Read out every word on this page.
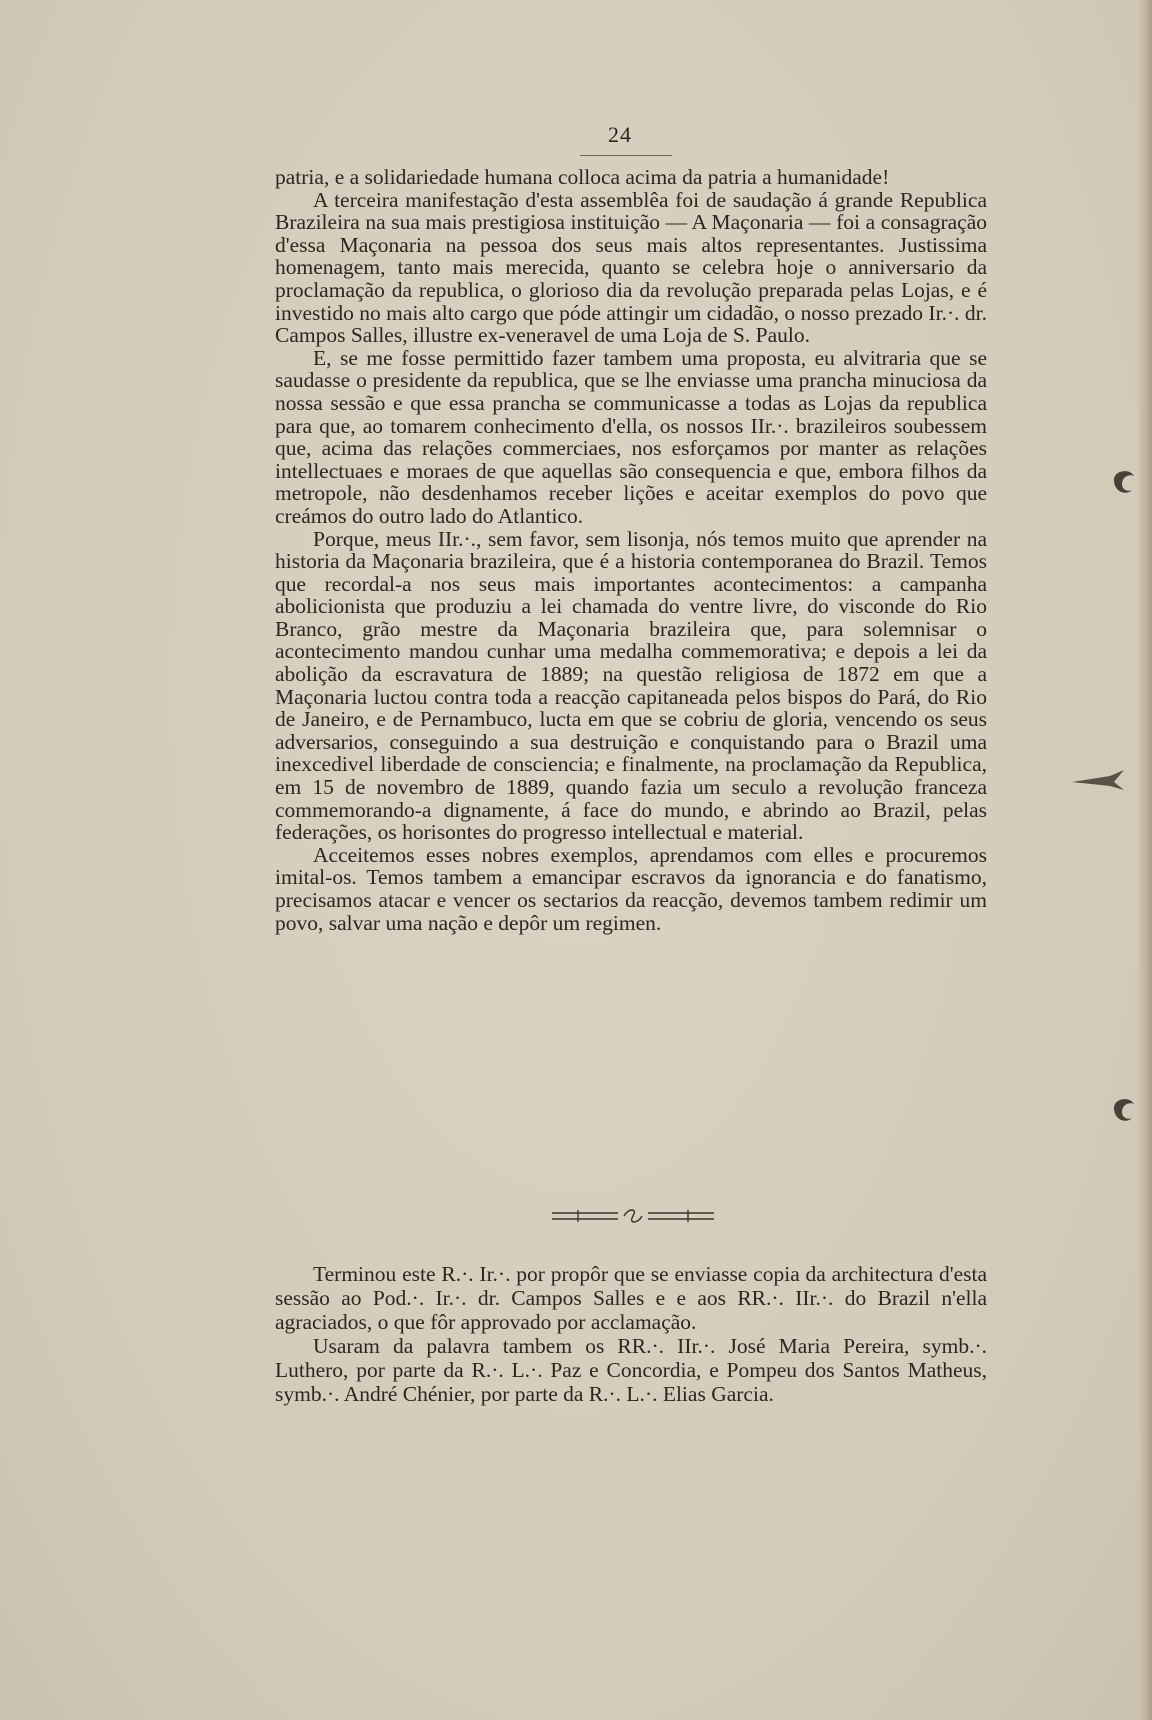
24

patria, e a solidariedade humana colloca acima da patria a humanidade!

A terceira manifestação d'esta assemblêa foi de saudação á grande Republica Brazileira na sua mais prestigiosa instituição — A Maçonaria — foi a consagração d'essa Maçonaria na pessoa dos seus mais altos representantes. Justissima homenagem, tanto mais merecida, quanto se celebra hoje o anniversario da proclamação da republica, o glorioso dia da revolução preparada pelas Lojas, e é investido no mais alto cargo que póde attingir um cidadão, o nosso prezado Ir.·. dr. Campos Salles, illustre ex-veneravel de uma Loja de S. Paulo.

E, se me fosse permittido fazer tambem uma proposta, eu alvitraria que se saudasse o presidente da republica, que se lhe enviasse uma prancha minuciosa da nossa sessão e que essa prancha se communicasse a todas as Lojas da republica para que, ao tomarem conhecimento d'ella, os nossos IIr.·. brazileiros soubessem que, acima das relações commerciaes, nos esforçamos por manter as relações intellectuaes e moraes de que aquellas são consequencia e que, embora filhos da metropole, não desdenhamos receber lições e aceitar exemplos do povo que creámos do outro lado do Atlantico.

Porque, meus IIr.·., sem favor, sem lisonja, nós temos muito que aprender na historia da Maçonaria brazileira, que é a historia contemporanea do Brazil. Temos que recordal-a nos seus mais importantes acontecimentos: a campanha abolicionista que produziu a lei chamada do ventre livre, do visconde do Rio Branco, grão mestre da Maçonaria brazileira que, para solemnisar o acontecimento mandou cunhar uma medalha commemorativa; e depois a lei da abolição da escravatura de 1889; na questão religiosa de 1872 em que a Maçonaria luctou contra toda a reacção capitaneada pelos bispos do Pará, do Rio de Janeiro, e de Pernambuco, lucta em que se cobriu de gloria, vencendo os seus adversarios, conseguindo a sua destruição e conquistando para o Brazil uma inexcedivel liberdade de consciencia; e finalmente, na proclamação da Republica, em 15 de novembro de 1889, quando fazia um seculo a revolução franceza commemorando-a dignamente, á face do mundo, e abrindo ao Brazil, pelas federações, os horisontes do progresso intellectual e material.

Acceitemos esses nobres exemplos, aprendamos com elles e procuremos imital-os. Temos tambem a emancipar escravos da ignorancia e do fanatismo, precisamos atacar e vencer os sectarios da reacção, devemos tambem redimir um povo, salvar uma nação e depôr um regimen.

Terminou este R.·. Ir.·. por propôr que se enviasse copia da architectura d'esta sessão ao Pod.·. Ir.·. dr. Campos Salles e e aos RR.·. IIr.·. do Brazil n'ella agraciados, o que fôr approvado por acclamação.

Usaram da palavra tambem os RR.·. IIr.·. José Maria Pereira, symb.·. Luthero, por parte da R.·. L.·. Paz e Concordia, e Pompeu dos Santos Matheus, symb.·. André Chénier, por parte da R.·. L.·. Elias Garcia.
